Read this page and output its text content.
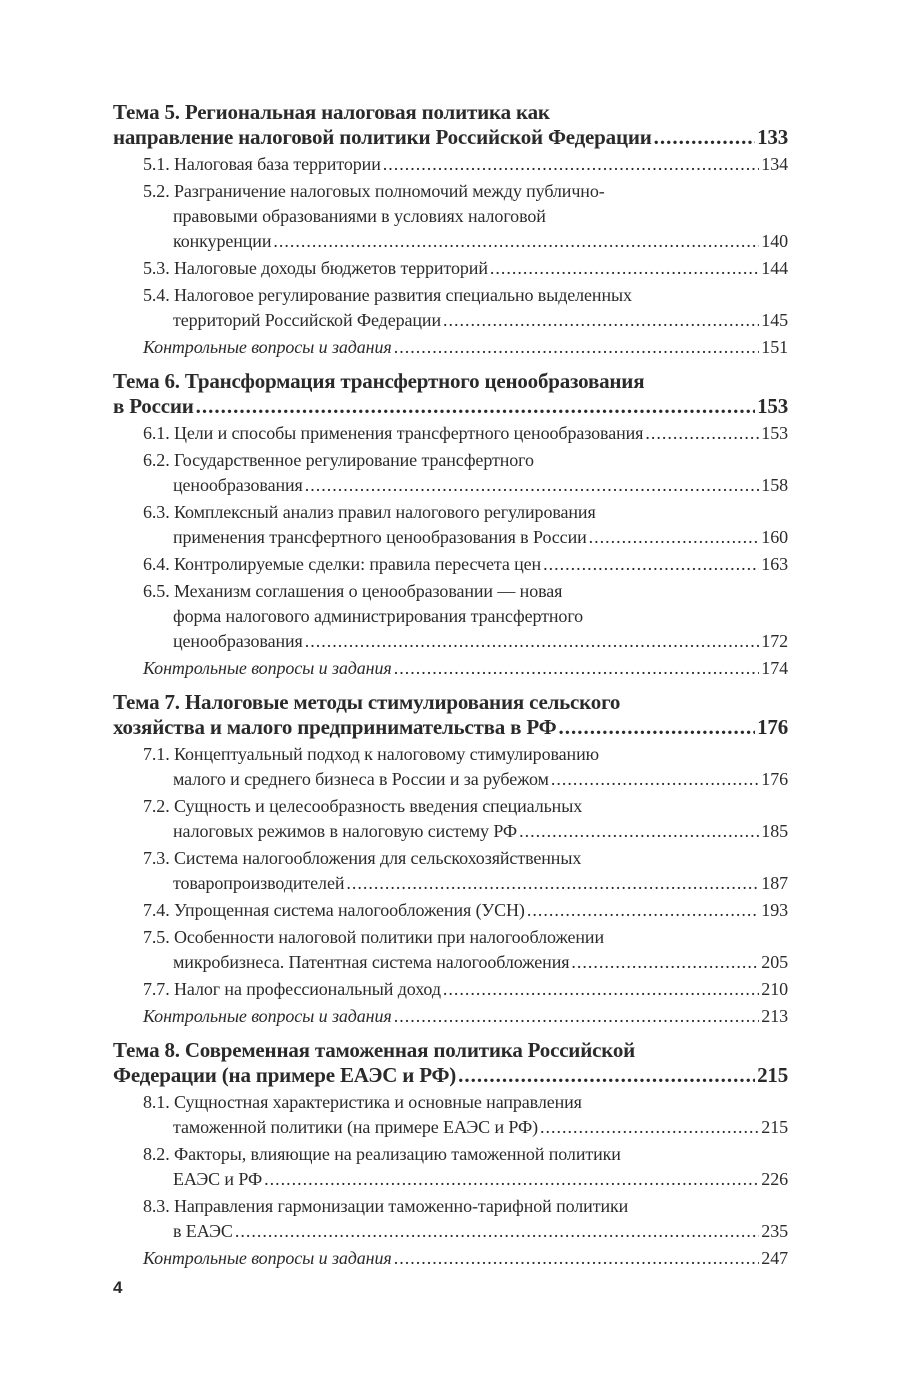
Тема 5. Региональная налоговая политика как
направление налоговой политики Российской Федерации .....	133
5.1. Налоговая база территории .....	134
5.2. Разграничение налоговых полномочий между публично-
правовыми образованиями в условиях налоговой
конкуренции .....	140
5.3. Налоговые доходы бюджетов территорий .....	144
5.4. Налоговое регулирование развития специально выделенных
территорий Российской Федерации .....	145
Контрольные вопросы и задания .....	151
Тема 6. Трансформация трансфертного ценообразования
в России .....	153
6.1. Цели и способы применения трансфертного ценообразования .....	153
6.2. Государственное регулирование трансфертного
ценообразования .....	158
6.3. Комплексный анализ правил налогового регулирования
применения трансфертного ценообразования в России .....	160
6.4. Контролируемые сделки: правила пересчета цен .....	163
6.5. Механизм соглашения о ценообразовании — новая
форма налогового администрирования трансфертного
ценообразования .....	172
Контрольные вопросы и задания .....	174
Тема 7. Налоговые методы стимулирования сельского
хозяйства и малого предпринимательства в РФ .....	176
7.1. Концептуальный подход к налоговому стимулированию
малого и среднего бизнеса в России и за рубежом .....	176
7.2. Сущность и целесообразность введения специальных
налоговых режимов в налоговую систему РФ .....	185
7.3. Система налогообложения для сельскохозяйственных
товаропроизводителей .....	187
7.4. Упрощенная система налогообложения (УСН) .....	193
7.5. Особенности налоговой политики при налогообложении
микробизнеса. Патентная система налогообложения .....	205
7.7. Налог на профессиональный доход .....	210
Контрольные вопросы и задания .....	213
Тема 8. Современная таможенная политика Российской
Федерации (на примере ЕАЭС и РФ) .....	215
8.1. Сущностная характеристика и основные направления
таможенной политики (на примере ЕАЭС и РФ) .....	215
8.2. Факторы, влияющие на реализацию таможенной политики
ЕАЭС и РФ .....	226
8.3. Направления гармонизации таможенно-тарифной политики
в ЕАЭС .....	235
Контрольные вопросы и задания .....	247
4
